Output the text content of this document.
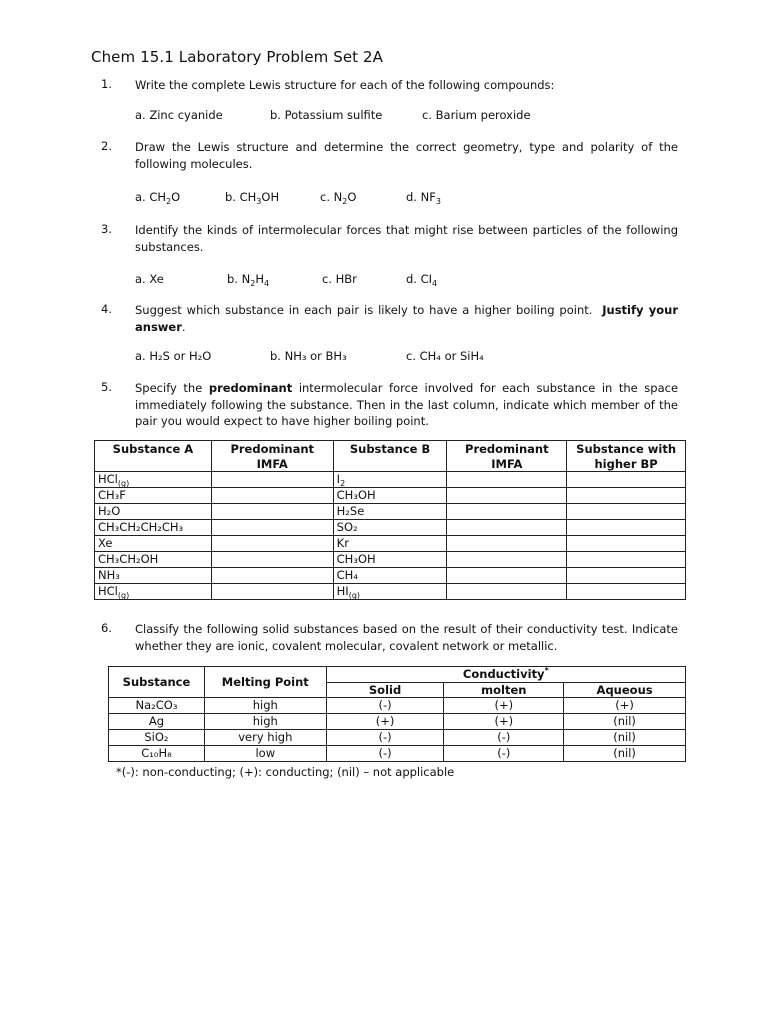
Chem 15.1 Laboratory Problem Set 2A
1. Write the complete Lewis structure for each of the following compounds:
a. Zinc cyanide	b. Potassium sulfite	c. Barium peroxide
2. Draw the Lewis structure and determine the correct geometry, type and polarity of the following molecules.
a. $CH_2O$	b. $CH_3OH$	c. $N_2O$	d. $NF_3$
3. Identify the kinds of intermolecular forces that might rise between particles of the following substances.
a. Xe	b. $N_2H_4$	c. HBr	d. $CI_4$
4. Suggest which substance in each pair is likely to have a higher boiling point. Justify your answer.
a. H₂S or H₂O	b. NH₃ or BH₃	c. CH₄ or SiH₄
5. Specify the predominant intermolecular force involved for each substance in the space immediately following the substance. Then in the last column, indicate which member of the pair you would expect to have higher boiling point.
Substance A	Predominant IMFA	Substance B	Predominant IMFA	Substance with higher BP
HCl$_{(g)}$		$I_2$		
CH₃F		CH₃OH		
H₂O		H₂Se		
CH₃CH₂CH₂CH₃		SO₂		
Xe		Kr		
CH₃CH₂OH		CH₃OH		
NH₃		CH₄		
HCl$_{(g)}$		$HI_{(g)}$		
6. Classify the following solid substances based on the result of their conductivity test. Indicate whether they are ionic, covalent molecular, covalent network or metallic.
Substance	Melting Point	Conductivity*
		Solid	molten	Aqueous
Na₂CO₃	high	(-)	(+)	(+)
Ag	high	(+)	(+)	(nil)
SiO₂	very high	(-)	(-)	(nil)
C₁₀H₈	low	(-)	(-)	(nil)
*(-): non-conducting; (+): conducting; (nil) – not applicable
